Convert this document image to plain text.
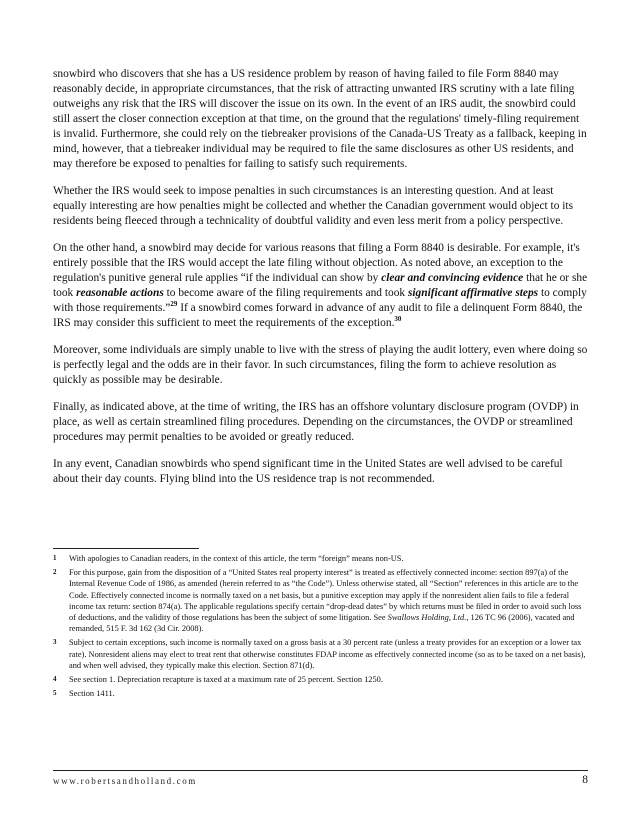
snowbird who discovers that she has a US residence problem by reason of having failed to file Form 8840 may reasonably decide, in appropriate circumstances, that the risk of attracting unwanted IRS scrutiny with a late filing outweighs any risk that the IRS will discover the issue on its own. In the event of an IRS audit, the snowbird could still assert the closer connection exception at that time, on the ground that the regulations' timely-filing requirement is invalid. Furthermore, she could rely on the tiebreaker provisions of the Canada-US Treaty as a fallback, keeping in mind, however, that a tiebreaker individual may be required to file the same disclosures as other US residents, and may therefore be exposed to penalties for failing to satisfy such requirements.

Whether the IRS would seek to impose penalties in such circumstances is an interesting question. And at least equally interesting are how penalties might be collected and whether the Canadian government would object to its residents being fleeced through a technicality of doubtful validity and even less merit from a policy perspective.

On the other hand, a snowbird may decide for various reasons that filing a Form 8840 is desirable. For example, it's entirely possible that the IRS would accept the late filing without objection. As noted above, an exception to the regulation's punitive general rule applies “if the individual can show by clear and convincing evidence that he or she took reasonable actions to become aware of the filing requirements and took significant affirmative steps to comply with those requirements.”$^{29}$ If a snowbird comes forward in advance of any audit to file a delinquent Form 8840, the IRS may consider this sufficient to meet the requirements of the exception.$^{30}$

Moreover, some individuals are simply unable to live with the stress of playing the audit lottery, even where doing so is perfectly legal and the odds are in their favor. In such circumstances, filing the form to achieve resolution as quickly as possible may be desirable.

Finally, as indicated above, at the time of writing, the IRS has an offshore voluntary disclosure program (OVDP) in place, as well as certain streamlined filing procedures. Depending on the circumstances, the OVDP or streamlined procedures may permit penalties to be avoided or greatly reduced.

In any event, Canadian snowbirds who spend significant time in the United States are well advised to be careful about their day counts. Flying blind into the US residence trap is not recommended.

1 With apologies to Canadian readers, in the context of this article, the term “foreign” means non-US.
2 For this purpose, gain from the disposition of a “United States real property interest” is treated as effectively connected income: section 897(a) of the Internal Revenue Code of 1986, as amended (herein referred to as “the Code”). Unless otherwise stated, all “Section” references in this article are to the Code. Effectively connected income is normally taxed on a net basis, but a punitive exception may apply if the nonresident alien fails to file a federal income tax return: section 874(a). The applicable regulations specify certain “drop-dead dates” by which returns must be filed in order to avoid such loss of deductions, and the validity of those regulations has been the subject of some litigation. See Swallows Holding, Ltd., 126 TC 96 (2006), vacated and remanded, 515 F. 3d 162 (3d Cir. 2008).
3 Subject to certain exceptions, such income is normally taxed on a gross basis at a 30 percent rate (unless a treaty provides for an exception or a lower tax rate). Nonresident aliens may elect to treat rent that otherwise constitutes FDAP income as effectively connected income (so as to be taxed on a net basis), and when well advised, they typically make this election. Section 871(d).
4 See section 1. Depreciation recapture is taxed at a maximum rate of 25 percent. Section 1250.
5 Section 1411.
www.robertsandholland.com	8
